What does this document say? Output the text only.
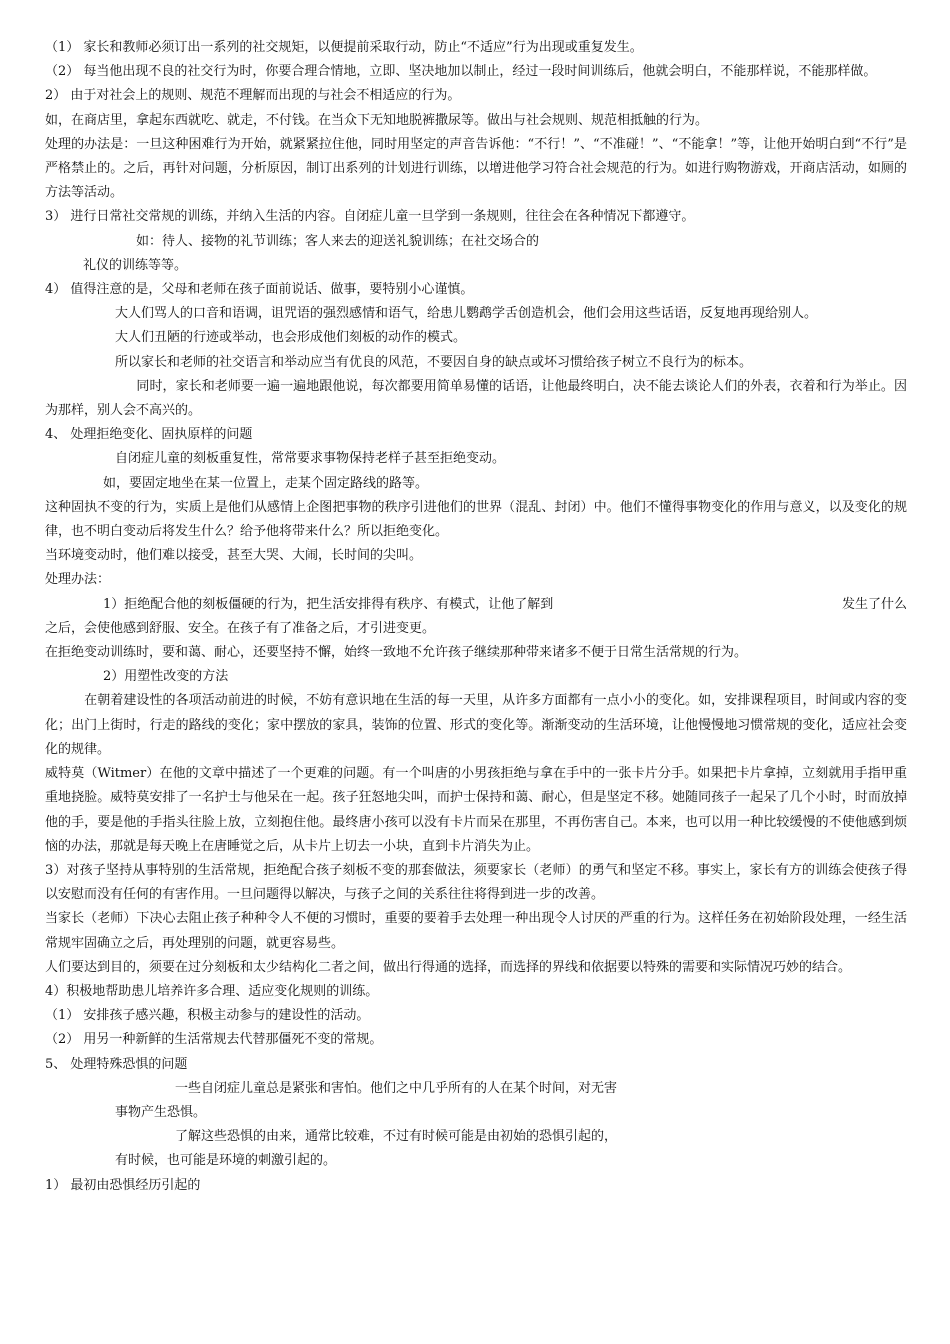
（1） 家长和教师必须订出一系列的社交规矩，以便提前采取行动，防止“不适应”行为出现或重复发生。

（2） 每当他出现不良的社交行为时，你要合理合情地，立即、坚决地加以制止，经过一段时间训练后，他就会明白，不能那样说，不能那样做。

2） 由于对社会上的规则、规范不理解而出现的与社会不相适应的行为。

如，在商店里，拿起东西就吃、就走，不付钱。在当众下无知地脱裤撒尿等。做出与社会规则、规范相抵触的行为。

处理的办法是：一旦这种困难行为开始，就紧紧拉住他，同时用坚定的声音告诉他：“不行！”、“不准碰！”、“不能拿！”等，让他开始明白到“不行”是严格禁止的。之后，再针对问题，分析原因，制订出系列的计划进行训练，以增进他学习符合社会规范的行为。如进行购物游戏，开商店活动，如厕的方法等活动。

3） 进行日常社交常规的训练，并纳入生活的内容。自闭症儿童一旦学到一条规则，往往会在各种情况下都遵守。

如：待人、接物的礼节训练；客人来去的迎送礼貌训练；在社交场合的

礼仪的训练等等。

4） 值得注意的是，父母和老师在孩子面前说话、做事，要特别小心谨慎。

大人们骂人的口音和语调，诅咒语的强烈感情和语气，给患儿鹦鹉学舌创造机会，他们会用这些话语，反复地再现给别人。

大人们丑陋的行迹或举动，也会形成他们刻板的动作的模式。

所以家长和老师的社交语言和举动应当有优良的风范，不要因自身的缺点或坏习惯给孩子树立不良行为的标本。

　　　　　　　同时，家长和老师要一遍一遍地跟他说，每次都要用简单易懂的话语，让他最终明白，决不能去谈论人们的外表，衣着和行为举止。因为那样，别人会不高兴的。

4、 处理拒绝变化、固执原样的问题

自闭症儿童的刻板重复性，常常要求事物保持老样子甚至拒绝变动。

如，要固定地坐在某一位置上，走某个固定路线的路等。

这种固执不变的行为，实质上是他们从感情上企图把事物的秩序引进他们的世界（混乱、封闭）中。他们不懂得事物变化的作用与意义，以及变化的规律，也不明白变动后将发生什么？给予他将带来什么？所以拒绝变化。

当环境变动时，他们难以接受，甚至大哭、大闹，长时间的尖叫。

处理办法：

1）拒绝配合他的刻板僵硬的行为，把生活安排得有秩序、有模式，让他了解到	发生了什么

之后，会使他感到舒服、安全。在孩子有了准备之后，才引进变更。

在拒绝变动训练时，要和蔼、耐心，还要坚持不懈，始终一致地不允许孩子继续那种带来诸多不便于日常生活常规的行为。

2）用塑性改变的方法

　　　在朝着建设性的各项活动前进的时候，不妨有意识地在生活的每一天里，从许多方面都有一点小小的变化。如，安排课程项目，时间或内容的变化；出门上街时，行走的路线的变化；家中摆放的家具，装饰的位置、形式的变化等。渐渐变动的生活环境，让他慢慢地习惯常规的变化，适应社会变化的规律。

威特莫（Witmer）在他的文章中描述了一个更难的问题。有一个叫唐的小男孩拒绝与拿在手中的一张卡片分手。如果把卡片拿掉，立刻就用手指甲重重地挠脸。威特莫安排了一名护士与他呆在一起。孩子狂怒地尖叫，而护士保持和蔼、耐心，但是坚定不移。她随同孩子一起呆了几个小时，时而放掉他的手，要是他的手指头往脸上放，立刻抱住他。最终唐小孩可以没有卡片而呆在那里，不再伤害自己。本来，也可以用一种比较缓慢的不使他感到烦恼的办法，那就是每天晚上在唐睡觉之后，从卡片上切去一小块，直到卡片消失为止。

3）对孩子坚持从事特别的生活常规，拒绝配合孩子刻板不变的那套做法，须要家长（老师）的勇气和坚定不移。事实上，家长有方的训练会使孩子得以安慰而没有任何的有害作用。一旦问题得以解决，与孩子之间的关系往往将得到进一步的改善。

当家长（老师）下决心去阻止孩子种种令人不便的习惯时，重要的要着手去处理一种出现令人讨厌的严重的行为。这样任务在初始阶段处理，一经生活常规牢固确立之后，再处理别的问题，就更容易些。

人们要达到目的，须要在过分刻板和太少结构化二者之间，做出行得通的选择，而选择的界线和依据要以特殊的需要和实际情况巧妙的结合。

4）积极地帮助患儿培养许多合理、适应变化规则的训练。

（1） 安排孩子感兴趣，积极主动参与的建设性的活动。

（2） 用另一种新鲜的生活常规去代替那僵死不变的常规。

5、 处理特殊恐惧的问题

一些自闭症儿童总是紧张和害怕。他们之中几乎所有的人在某个时间，对无害

事物产生恐惧。

了解这些恐惧的由来，通常比较难，不过有时候可能是由初始的恐惧引起的，

有时候，也可能是环境的刺激引起的。

1） 最初由恐惧经历引起的
